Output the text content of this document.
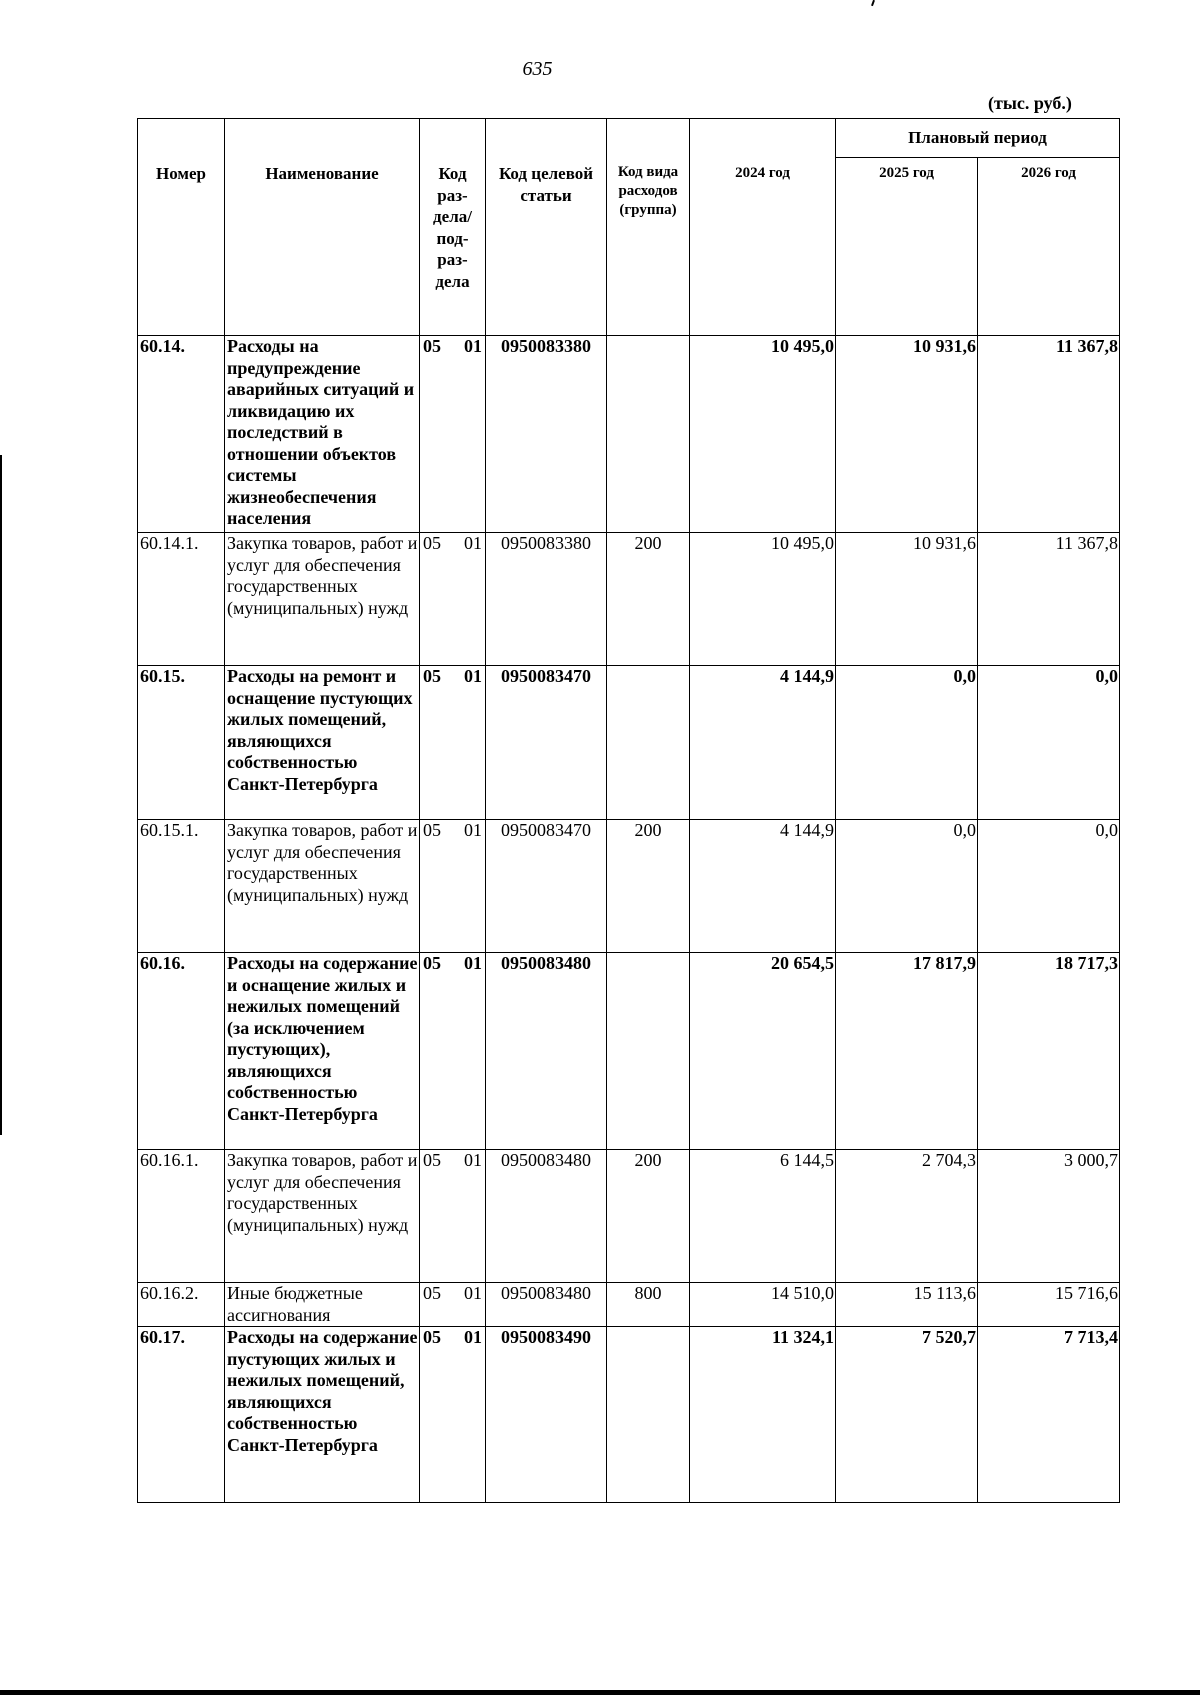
635
(тыс. руб.)
Номер	Наименование	Код раз-дела/ под-раз-дела	Код целевой статьи	Код вида расходов (группа)	2024 год	Плановый период	
						2025 год	2026 год
60.14.	Расходы на предупреждение аварийных ситуаций и ликвидацию их последствий в отношении объектов системы жизнеобеспечения населения	05 01	0950083380		10 495,0	10 931,6	11 367,8
60.14.1.	Закупка товаров, работ и услуг для обеспечения государственных (муниципальных) нужд	05 01	0950083380	200	10 495,0	10 931,6	11 367,8
60.15.	Расходы на ремонт и оснащение пустующих жилых помещений, являющихся собственностью Санкт-Петербурга	05 01	0950083470		4 144,9	0,0	0,0
60.15.1.	Закупка товаров, работ и услуг для обеспечения государственных (муниципальных) нужд	05 01	0950083470	200	4 144,9	0,0	0,0
60.16.	Расходы на содержание и оснащение жилых и нежилых помещений (за исключением пустующих), являющихся собственностью Санкт-Петербурга	05 01	0950083480		20 654,5	17 817,9	18 717,3
60.16.1.	Закупка товаров, работ и услуг для обеспечения государственных (муниципальных) нужд	05 01	0950083480	200	6 144,5	2 704,3	3 000,7
60.16.2.	Иные бюджетные ассигнования	05 01	0950083480	800	14 510,0	15 113,6	15 716,6
60.17.	Расходы на содержание пустующих жилых и нежилых помещений, являющихся собственностью Санкт-Петербурга	05 01	0950083490		11 324,1	7 520,7	7 713,4
